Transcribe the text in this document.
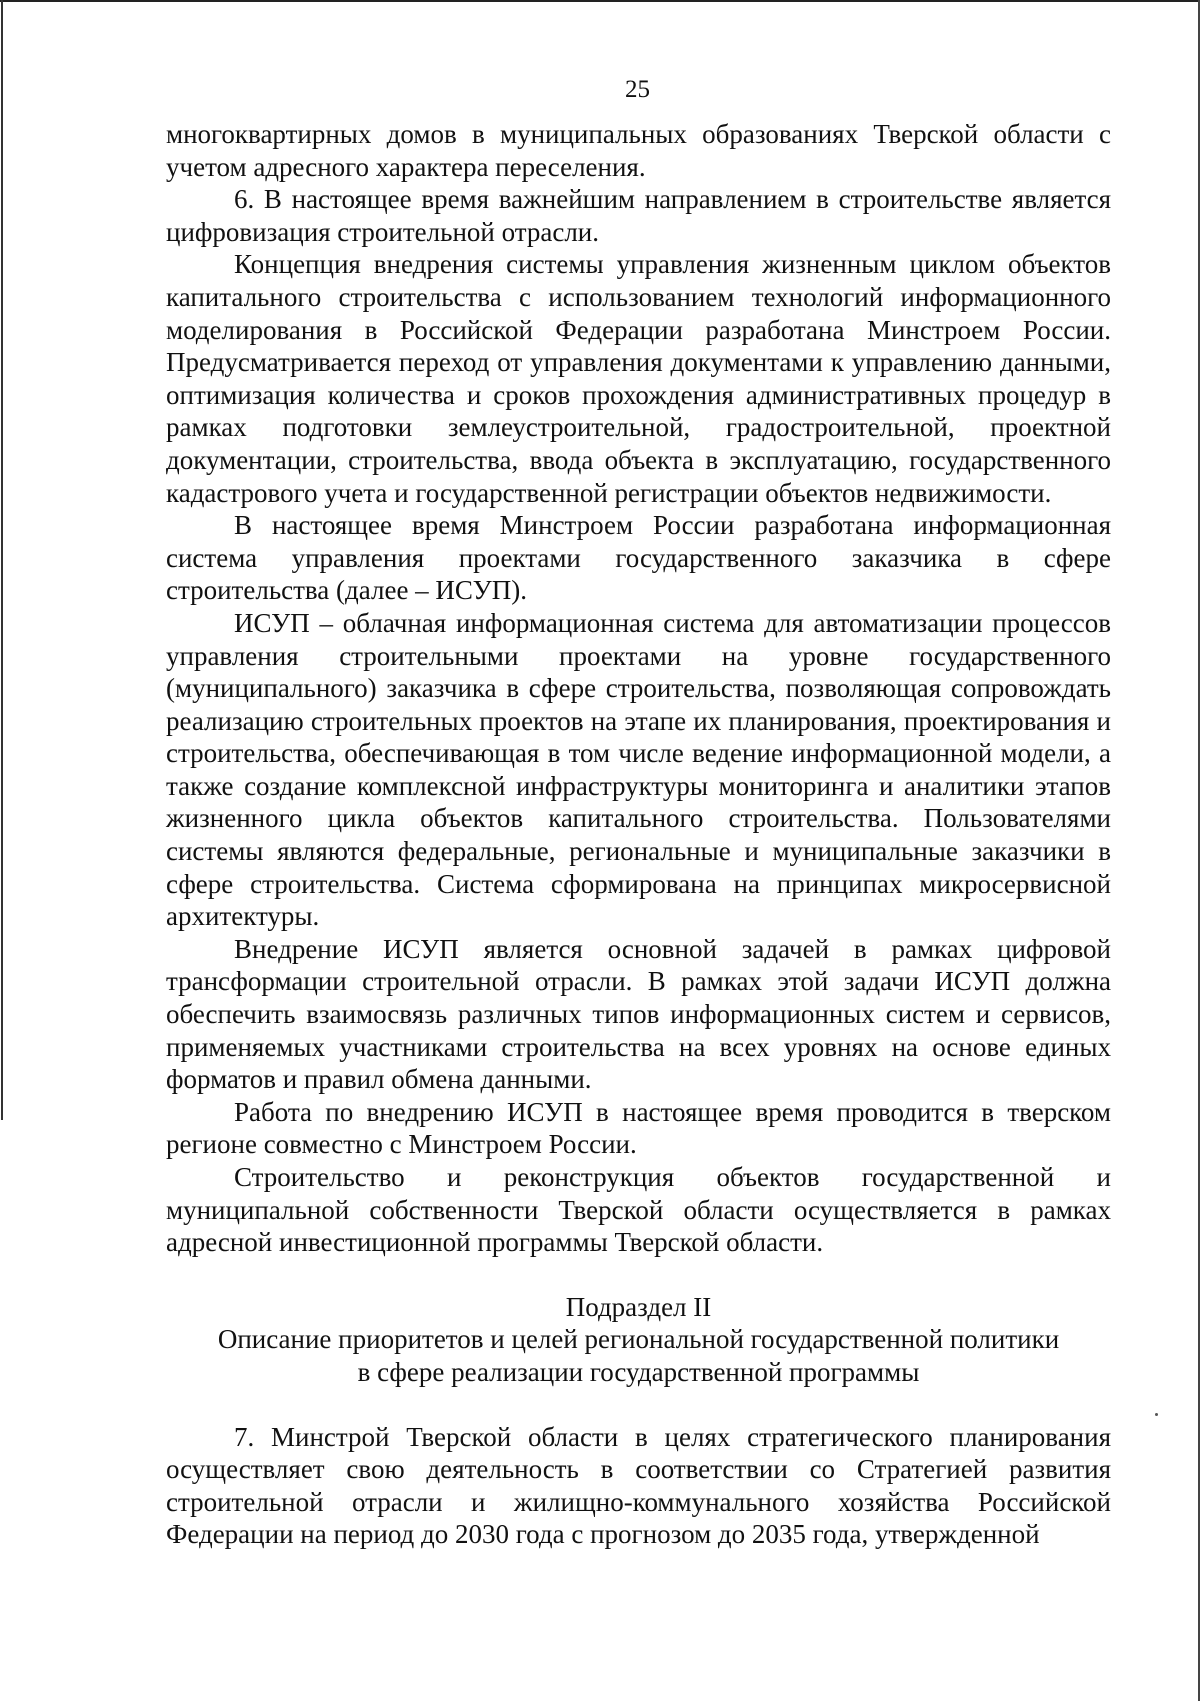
25

многоквартирных домов в муниципальных образованиях Тверской области с учетом адресного характера переселения.

6. В настоящее время важнейшим направлением в строительстве является цифровизация строительной отрасли.

Концепция внедрения системы управления жизненным циклом объектов капитального строительства с использованием технологий информационного моделирования в Российской Федерации разработана Минстроем России. Предусматривается переход от управления документами к управлению данными, оптимизация количества и сроков прохождения административных процедур в рамках подготовки землеустроительной, градостроительной, проектной документации, строительства, ввода объекта в эксплуатацию, государственного кадастрового учета и государственной регистрации объектов недвижимости.

В настоящее время Минстроем России разработана информационная система управления проектами государственного заказчика в сфере строительства (далее – ИСУП).

ИСУП – облачная информационная система для автоматизации процессов управления строительными проектами на уровне государственного (муниципального) заказчика в сфере строительства, позволяющая сопровождать реализацию строительных проектов на этапе их планирования, проектирования и строительства, обеспечивающая в том числе ведение информационной модели, а также создание комплексной инфраструктуры мониторинга и аналитики этапов жизненного цикла объектов капитального строительства. Пользователями системы являются федеральные, региональные и муниципальные заказчики в сфере строительства. Система сформирована на принципах микросервисной архитектуры.

Внедрение ИСУП является основной задачей в рамках цифровой трансформации строительной отрасли. В рамках этой задачи ИСУП должна обеспечить взаимосвязь различных типов информационных систем и сервисов, применяемых участниками строительства на всех уровнях на основе единых форматов и правил обмена данными.

Работа по внедрению ИСУП в настоящее время проводится в тверском регионе совместно с Минстроем России.

Строительство и реконструкция объектов государственной и муниципальной собственности Тверской области осуществляется в рамках адресной инвестиционной программы Тверской области.

Подраздел II
Описание приоритетов и целей региональной государственной политики
в сфере реализации государственной программы

7. Минстрой Тверской области в целях стратегического планирования осуществляет свою деятельность в соответствии со Стратегией развития строительной отрасли и жилищно-коммунального хозяйства Российской Федерации на период до 2030 года с прогнозом до 2035 года, утвержденной
